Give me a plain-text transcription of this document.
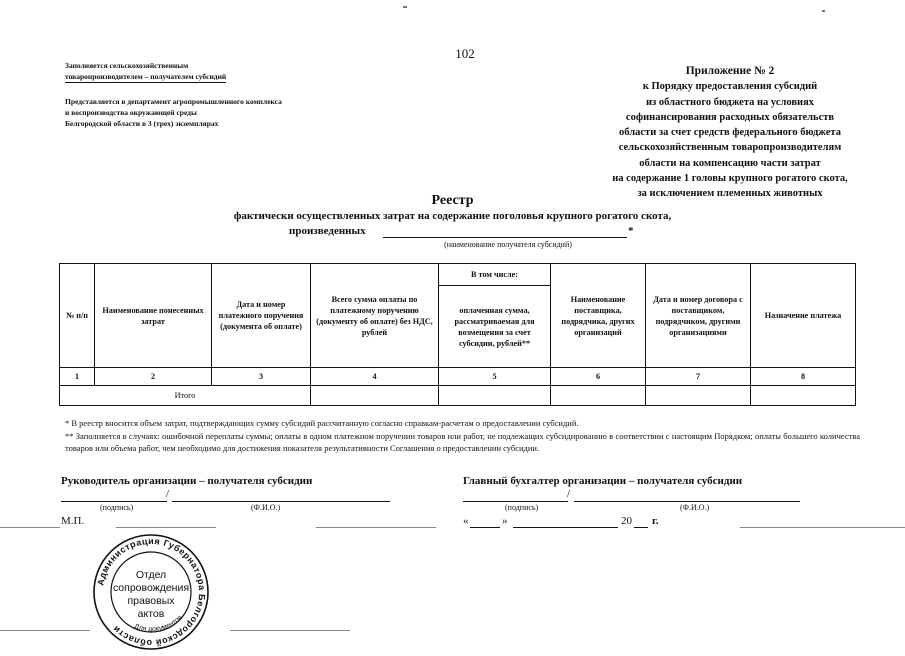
102
Заполняется сельскохозяйственным
товаропроизводителем – получателем субсидий
Представляется в департамент агропромышленного комплекса
и воспроизводства окружающей среды
Белгородской области в 3 (трех) экземплярах
Приложение № 2
к Порядку предоставления субсидий
из областного бюджета на условиях
софинансирования расходных обязательств
области за счет средств федерального бюджета
сельскохозяйственным товаропроизводителям
области на компенсацию части затрат
на содержание 1 головы крупного рогатого скота,
за исключением племенных животных
Реестр
фактически осуществленных затрат на содержание поголовья крупного рогатого скота,
произведенных	*
(наименование получателя субсидий)
№ п/п	Наименование понесенных затрат	Дата и номер платежного поручения (документа об оплате)	Всего сумма оплаты по платежному поручению (документу об оплате) без НДС, рублей	В том числе:	Наименование поставщика, подрядчика, других организаций	Дата и номер договора с поставщиком, подрядчиком, другими организациями	Назначение платежа
				оплаченная сумма, рассматриваемая для возмещения за счет субсидии, рублей**			
1	2	3	4	5	6	7	8
Итого							
* В реестр вносится объем затрат, подтверждающих сумму субсидий рассчитанную согласно справкам-расчетам о предоставлении субсидий.
** Заполняется в случаях: ошибочной переплаты суммы; оплаты в одном платежном поручении товаров или работ, не подлежащих субсидированию в соответствии с настоящим Порядком; оплаты большего количества товаров или объема работ, чем необходимо для достижения показателя результативности Соглашения о предоставлении субсидии.
Руководитель организации – получателя субсидии
/
(подпись)	(Ф.И.О.)
М.П.
Главный бухгалтер организации – получателя субсидии
/
(подпись)	(Ф.И.О.)
«	»	20 г.
Администрация Губернатора Белгородской области	Для документов
Отдел
сопровождения
правовых
актов
